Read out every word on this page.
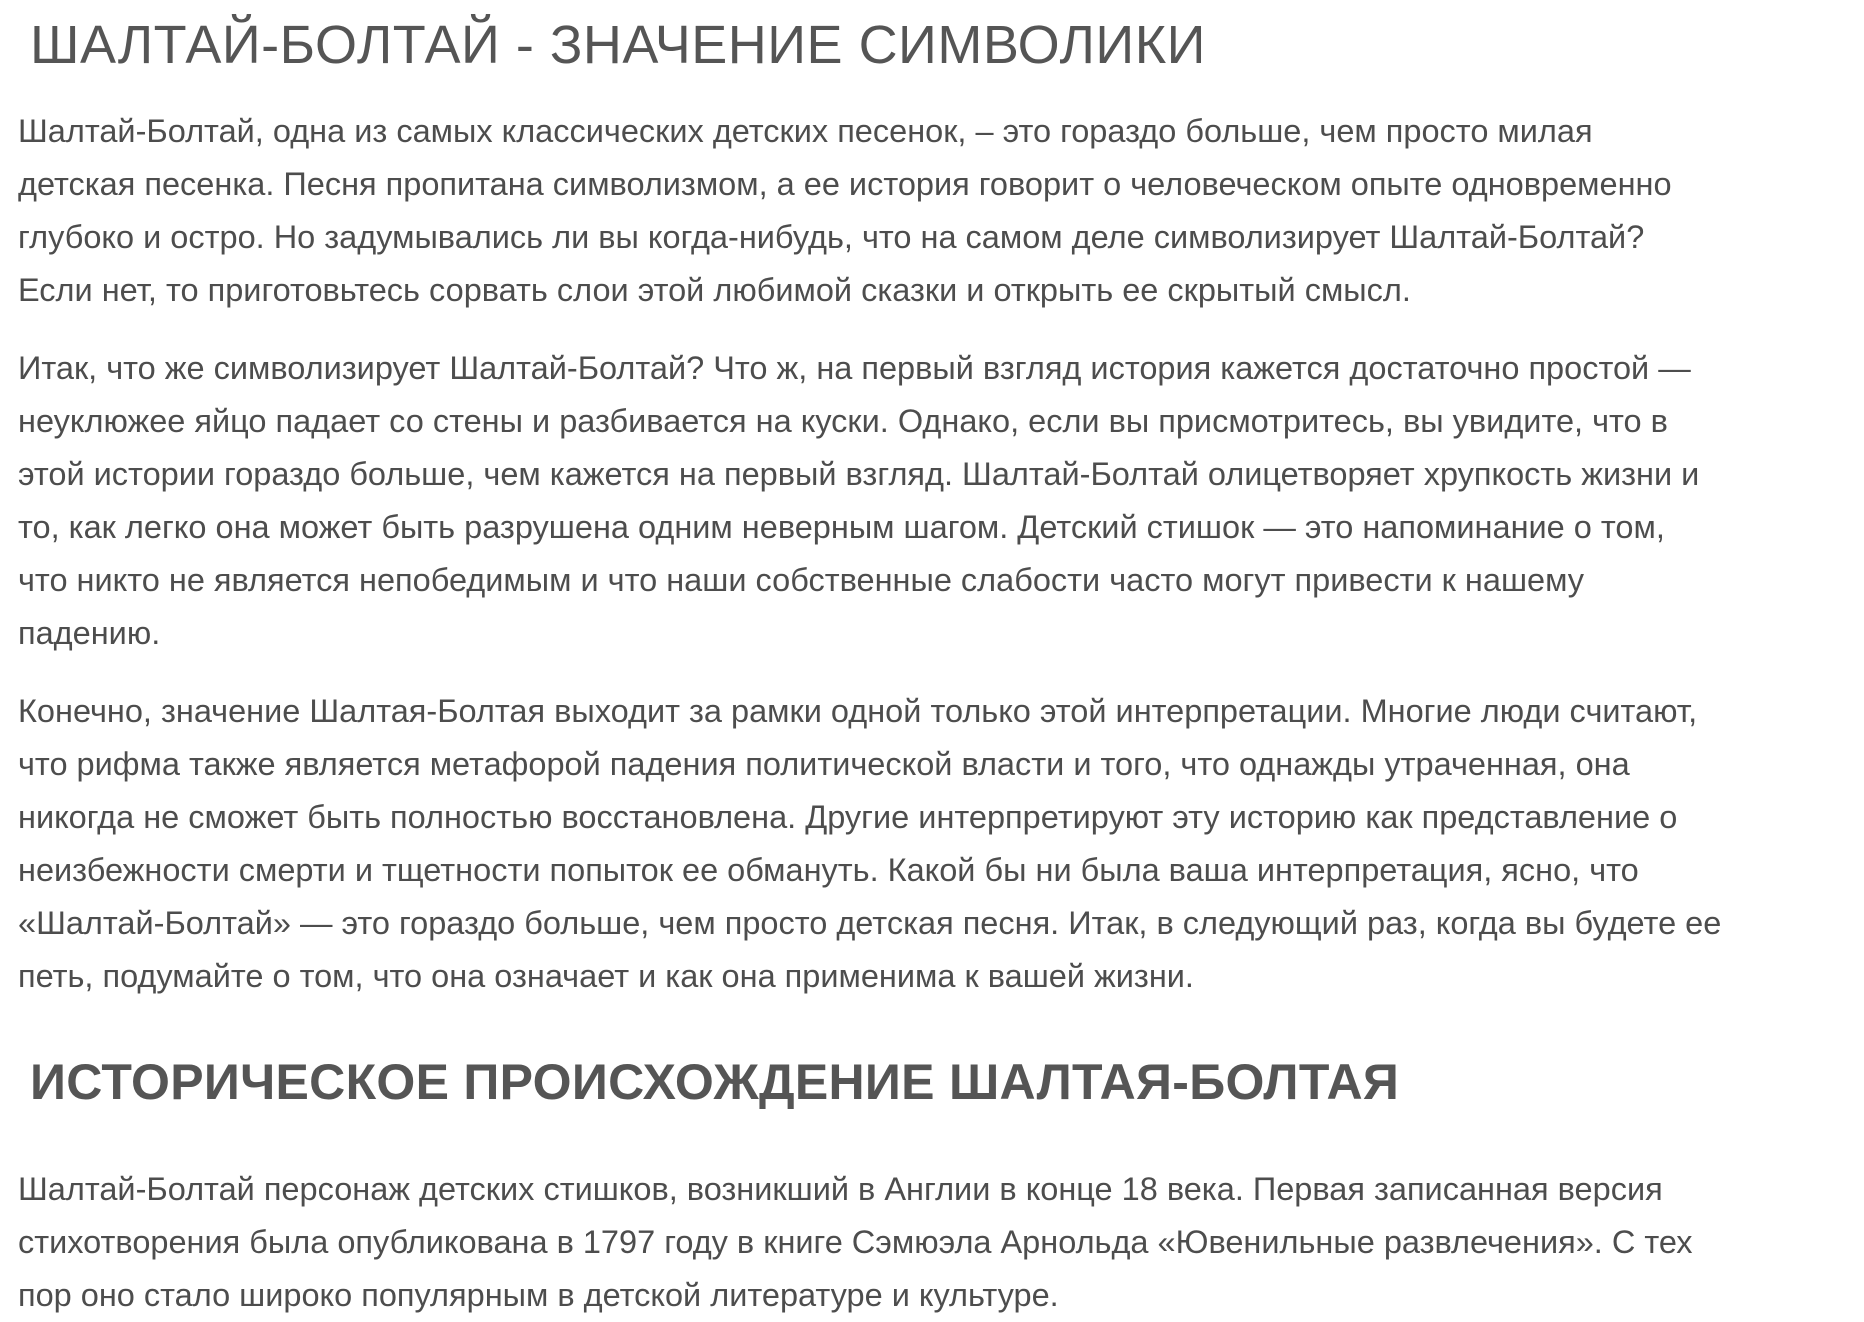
ШАЛТАЙ-БОЛТАЙ - ЗНАЧЕНИЕ СИМВОЛИКИ

Шалтай-Болтай, одна из самых классических детских песенок, – это гораздо больше, чем просто милая
детская песенка. Песня пропитана символизмом, а ее история говорит о человеческом опыте одновременно
глубоко и остро. Но задумывались ли вы когда-нибудь, что на самом деле символизирует Шалтай-Болтай?
Если нет, то приготовьтесь сорвать слои этой любимой сказки и открыть ее скрытый смысл.

Итак, что же символизирует Шалтай-Болтай? Что ж, на первый взгляд история кажется достаточно простой —
неуклюжее яйцо падает со стены и разбивается на куски. Однако, если вы присмотритесь, вы увидите, что в
этой истории гораздо больше, чем кажется на первый взгляд. Шалтай-Болтай олицетворяет хрупкость жизни и
то, как легко она может быть разрушена одним неверным шагом. Детский стишок — это напоминание о том,
что никто не является непобедимым и что наши собственные слабости часто могут привести к нашему
падению.

Конечно, значение Шалтая-Болтая выходит за рамки одной только этой интерпретации. Многие люди считают,
что рифма также является метафорой падения политической власти и того, что однажды утраченная, она
никогда не сможет быть полностью восстановлена. Другие интерпретируют эту историю как представление о
неизбежности смерти и тщетности попыток ее обмануть. Какой бы ни была ваша интерпретация, ясно, что
«Шалтай-Болтай» — это гораздо больше, чем просто детская песня. Итак, в следующий раз, когда вы будете ее
петь, подумайте о том, что она означает и как она применима к вашей жизни.

ИСТОРИЧЕСКОЕ ПРОИСХОЖДЕНИЕ ШАЛТАЯ-БОЛТАЯ

Шалтай-Болтай персонаж детских стишков, возникший в Англии в конце 18 века. Первая записанная версия
стихотворения была опубликована в 1797 году в книге Сэмюэла Арнольда «Ювенильные развлечения». С тех
пор оно стало широко популярным в детской литературе и культуре.
